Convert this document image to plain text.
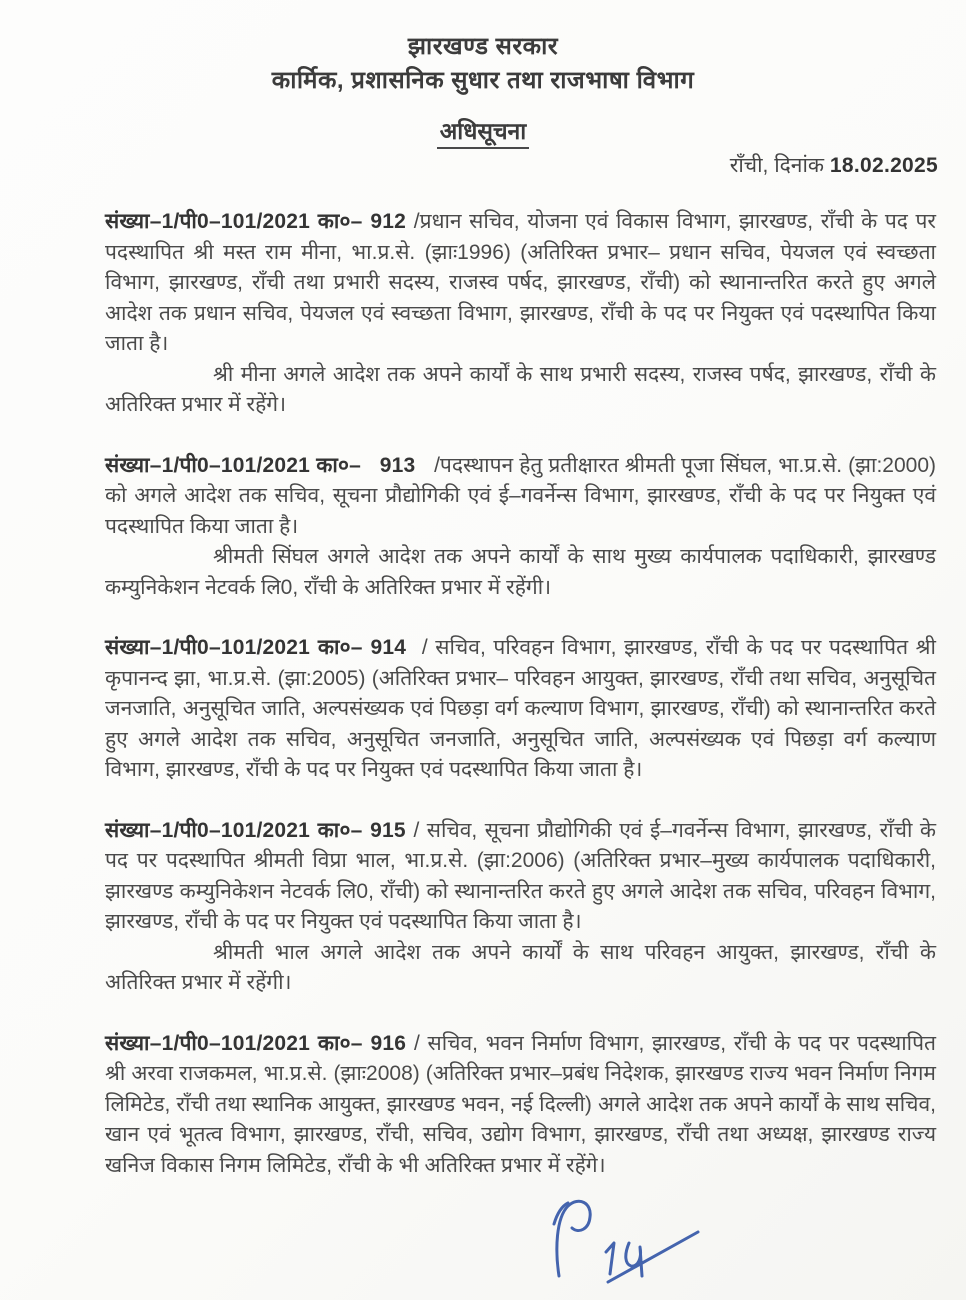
झारखण्ड सरकार
कार्मिक, प्रशासनिक सुधार तथा राजभाषा विभाग
अधिसूचना
राँची, दिनांक 18.02.2025

संख्या–1/पी0–101/2021 का०– 912 /प्रधान सचिव, योजना एवं विकास विभाग, झारखण्ड, राँची के पद पर पदस्थापित श्री मस्त राम मीना, भा.प्र.से. (झाः1996) (अतिरिक्त प्रभार– प्रधान सचिव, पेयजल एवं स्वच्छता विभाग, झारखण्ड, राँची तथा प्रभारी सदस्य, राजस्व पर्षद, झारखण्ड, राँची) को स्थानान्तरित करते हुए अगले आदेश तक प्रधान सचिव, पेयजल एवं स्वच्छता विभाग, झारखण्ड, राँची के पद पर नियुक्त एवं पदस्थापित किया जाता है।

श्री मीना अगले आदेश तक अपने कार्यों के साथ प्रभारी सदस्य, राजस्व पर्षद, झारखण्ड, राँची के अतिरिक्त प्रभार में रहेंगे।

संख्या–1/पी0–101/2021 का०–   913   /पदस्थापन हेतु प्रतीक्षारत श्रीमती पूजा सिंघल, भा.प्र.से. (झा:2000) को अगले आदेश तक सचिव, सूचना प्रौद्योगिकी एवं ई–गवर्नेन्स विभाग, झारखण्ड, राँची के पद पर नियुक्त एवं पदस्थापित किया जाता है।

श्रीमती सिंघल अगले आदेश तक अपने कार्यों के साथ मुख्य कार्यपालक पदाधिकारी, झारखण्ड कम्युनिकेशन नेटवर्क लि0, राँची के अतिरिक्त प्रभार में रहेंगी।

संख्या–1/पी0–101/2021 का०– 914  / सचिव, परिवहन विभाग, झारखण्ड, राँची के पद पर पदस्थापित श्री कृपानन्द झा, भा.प्र.से. (झा:2005) (अतिरिक्त प्रभार– परिवहन आयुक्त, झारखण्ड, राँची तथा सचिव, अनुसूचित जनजाति, अनुसूचित जाति, अल्पसंख्यक एवं पिछड़ा वर्ग कल्याण विभाग, झारखण्ड, राँची) को स्थानान्तरित करते हुए अगले आदेश तक सचिव, अनुसूचित जनजाति, अनुसूचित जाति, अल्पसंख्यक एवं पिछड़ा वर्ग कल्याण विभाग, झारखण्ड, राँची के पद पर नियुक्त एवं पदस्थापित किया जाता है।

संख्या–1/पी0–101/2021 का०– 915 / सचिव, सूचना प्रौद्योगिकी एवं ई–गवर्नेन्स विभाग, झारखण्ड, राँची के पद पर पदस्थापित श्रीमती विप्रा भाल, भा.प्र.से. (झा:2006) (अतिरिक्त प्रभार–मुख्य कार्यपालक पदाधिकारी, झारखण्ड कम्युनिकेशन नेटवर्क लि0, राँची) को स्थानान्तरित करते हुए अगले आदेश तक सचिव, परिवहन विभाग, झारखण्ड, राँची के पद पर नियुक्त एवं पदस्थापित किया जाता है।

श्रीमती भाल अगले आदेश तक अपने कार्यों के साथ परिवहन आयुक्त, झारखण्ड, राँची के अतिरिक्त प्रभार में रहेंगी।

संख्या–1/पी0–101/2021 का०– 916 / सचिव, भवन निर्माण विभाग, झारखण्ड, राँची के पद पर पदस्थापित श्री अरवा राजकमल, भा.प्र.से. (झाः2008) (अतिरिक्त प्रभार–प्रबंध निदेशक, झारखण्ड राज्य भवन निर्माण निगम लिमिटेड, राँची तथा स्थानिक आयुक्त, झारखण्ड भवन, नई दिल्ली) अगले आदेश तक अपने कार्यों के साथ सचिव, खान एवं भूतत्व विभाग, झारखण्ड, राँची, सचिव, उद्योग विभाग, झारखण्ड, राँची तथा अध्यक्ष, झारखण्ड राज्य खनिज विकास निगम लिमिटेड, राँची के भी अतिरिक्त प्रभार में रहेंगे।
